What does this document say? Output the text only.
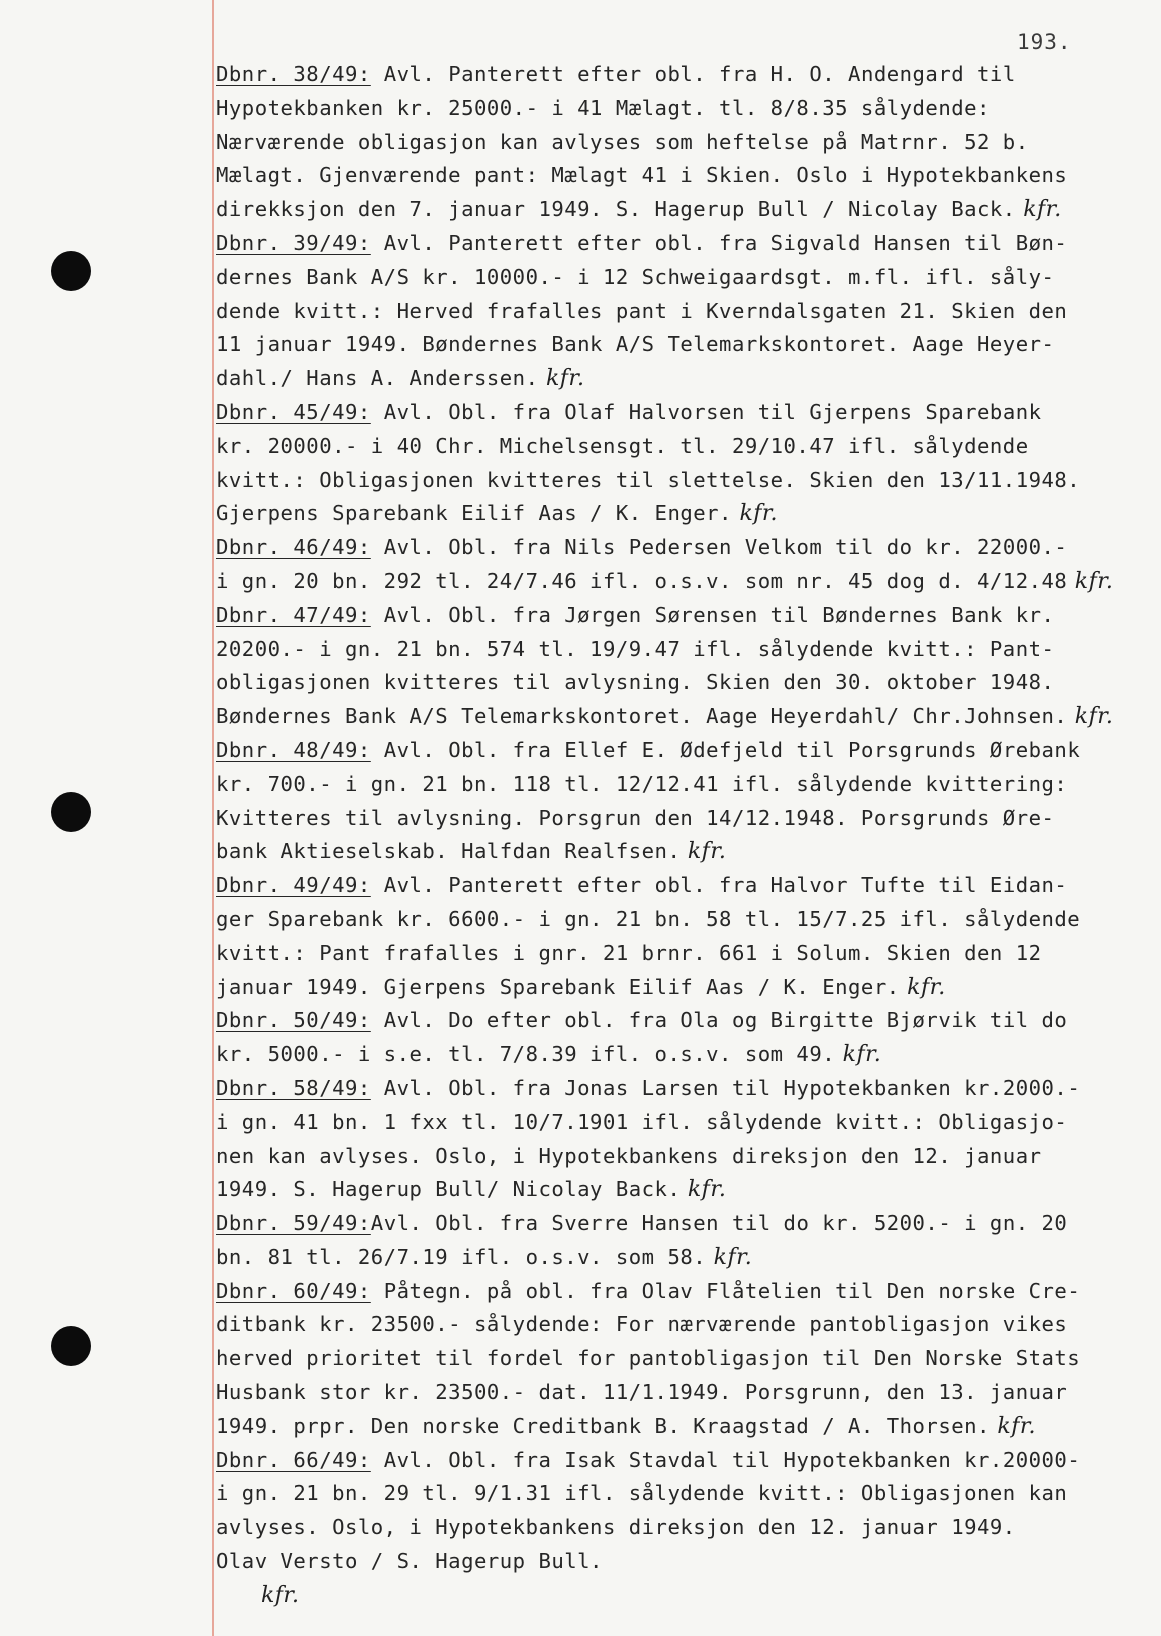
193.
Dbnr. 38/49: Avl. Panterett efter obl. fra H. O. Andengard til
Hypotekbanken kr. 25000.- i 41 Mælagt. tl. 8/8.35 sålydende:
Nærværende obligasjon kan avlyses som heftelse på Matrnr. 52 b.
Mælagt. Gjenværende pant: Mælagt 41 i Skien. Oslo i Hypotekbankens
direkksjon den 7. januar 1949. S. Hagerup Bull / Nicolay Back. kfr.
Dbnr. 39/49: Avl. Panterett efter obl. fra Sigvald Hansen til Bøn-
dernes Bank A/S kr. 10000.- i 12 Schweigaardsgt. m.fl. ifl. såly-
dende kvitt.: Herved frafalles pant i Kverndalsgaten 21. Skien den
11 januar 1949. Bøndernes Bank A/S Telemarkskontoret. Aage Heyer-
dahl./ Hans A. Anderssen. kfr.
Dbnr. 45/49: Avl. Obl. fra Olaf Halvorsen til Gjerpens Sparebank
kr. 20000.- i 40 Chr. Michelsensgt. tl. 29/10.47 ifl. sålydende
kvitt.: Obligasjonen kvitteres til slettelse. Skien den 13/11.1948.
Gjerpens Sparebank Eilif Aas / K. Enger. kfr.
Dbnr. 46/49: Avl. Obl. fra Nils Pedersen Velkom til do kr. 22000.-
i gn. 20 bn. 292 tl. 24/7.46 ifl. o.s.v. som nr. 45 dog d. 4/12.48 kfr.
Dbnr. 47/49: Avl. Obl. fra Jørgen Sørensen til Bøndernes Bank kr.
20200.- i gn. 21 bn. 574 tl. 19/9.47 ifl. sålydende kvitt.: Pant-
obligasjonen kvitteres til avlysning. Skien den 30. oktober 1948.
Bøndernes Bank A/S Telemarkskontoret. Aage Heyerdahl/ Chr.Johnsen. kfr.
Dbnr. 48/49: Avl. Obl. fra Ellef E. Ødefjeld til Porsgrunds Ørebank
kr. 700.- i gn. 21 bn. 118 tl. 12/12.41 ifl. sålydende kvittering:
Kvitteres til avlysning. Porsgrun den 14/12.1948. Porsgrunds Øre-
bank Aktieselskab. Halfdan Realfsen. kfr.
Dbnr. 49/49: Avl. Panterett efter obl. fra Halvor Tufte til Eidan-
ger Sparebank kr. 6600.- i gn. 21 bn. 58 tl. 15/7.25 ifl. sålydende
kvitt.: Pant frafalles i gnr. 21 brnr. 661 i Solum. Skien den 12
januar 1949. Gjerpens Sparebank Eilif Aas / K. Enger. kfr.
Dbnr. 50/49: Avl. Do efter obl. fra Ola og Birgitte Bjørvik til do
kr. 5000.- i s.e. tl. 7/8.39 ifl. o.s.v. som 49. kfr.
Dbnr. 58/49: Avl. Obl. fra Jonas Larsen til Hypotekbanken kr.2000.-
i gn. 41 bn. 1 fxx tl. 10/7.1901 ifl. sålydende kvitt.: Obligasjo-
nen kan avlyses. Oslo, i Hypotekbankens direksjon den 12. januar
1949. S. Hagerup Bull/ Nicolay Back. kfr.
Dbnr. 59/49:Avl. Obl. fra Sverre Hansen til do kr. 5200.- i gn. 20
bn. 81 tl. 26/7.19 ifl. o.s.v. som 58. kfr.
Dbnr. 60/49: Påtegn. på obl. fra Olav Flåtelien til Den norske Cre-
ditbank kr. 23500.- sålydende: For nærværende pantobligasjon vikes
herved prioritet til fordel for pantobligasjon til Den Norske Stats
Husbank stor kr. 23500.- dat. 11/1.1949. Porsgrunn, den 13. januar
1949. prpr. Den norske Creditbank B. Kraagstad / A. Thorsen. kfr.
Dbnr. 66/49: Avl. Obl. fra Isak Stavdal til Hypotekbanken kr.20000-
i gn. 21 bn. 29 tl. 9/1.31 ifl. sålydende kvitt.: Obligasjonen kan
avlyses. Oslo, i Hypotekbankens direksjon den 12. januar 1949.
Olav Versto / S. Hagerup Bull.
kfr.
